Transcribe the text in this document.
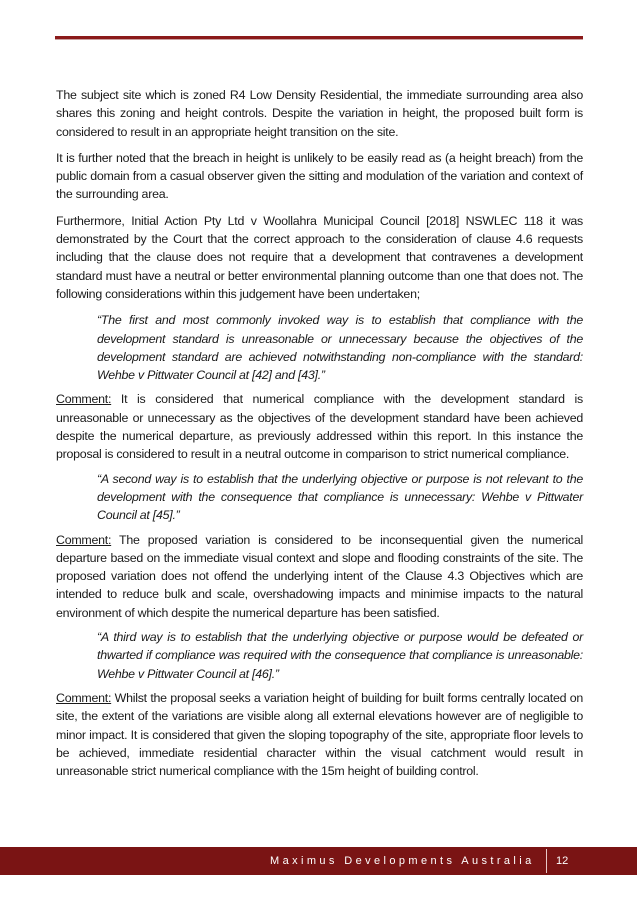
The subject site which is zoned R4 Low Density Residential, the immediate surrounding area also shares this zoning and height controls. Despite the variation in height, the proposed built form is considered to result in an appropriate height transition on the site.

It is further noted that the breach in height is unlikely to be easily read as (a height breach) from the public domain from a casual observer given the sitting and modulation of the variation and context of the surrounding area.

Furthermore, Initial Action Pty Ltd v Woollahra Municipal Council [2018] NSWLEC 118 it was demonstrated by the Court that the correct approach to the consideration of clause 4.6 requests including that the clause does not require that a development that contravenes a development standard must have a neutral or better environmental planning outcome than one that does not. The following considerations within this judgement have been undertaken;

“The first and most commonly invoked way is to establish that compliance with the development standard is unreasonable or unnecessary because the objectives of the development standard are achieved notwithstanding non-compliance with the standard: Wehbe v Pittwater Council at [42] and [43].”

Comment: It is considered that numerical compliance with the development standard is unreasonable or unnecessary as the objectives of the development standard have been achieved despite the numerical departure, as previously addressed within this report. In this instance the proposal is considered to result in a neutral outcome in comparison to strict numerical compliance.

“A second way is to establish that the underlying objective or purpose is not relevant to the development with the consequence that compliance is unnecessary: Wehbe v Pittwater Council at [45].”

Comment: The proposed variation is considered to be inconsequential given the numerical departure based on the immediate visual context and slope and flooding constraints of the site. The proposed variation does not offend the underlying intent of the Clause 4.3 Objectives which are intended to reduce bulk and scale, overshadowing impacts and minimise impacts to the natural environment of which despite the numerical departure has been satisfied.

“A third way is to establish that the underlying objective or purpose would be defeated or thwarted if compliance was required with the consequence that compliance is unreasonable: Wehbe v Pittwater Council at [46].”

Comment: Whilst the proposal seeks a variation height of building for built forms centrally located on site, the extent of the variations are visible along all external elevations however are of negligible to minor impact. It is considered that given the sloping topography of the site, appropriate floor levels to be achieved, immediate residential character within the visual catchment would result in unreasonable strict numerical compliance with the 15m height of building control.

Maximus Developments Australia 12
